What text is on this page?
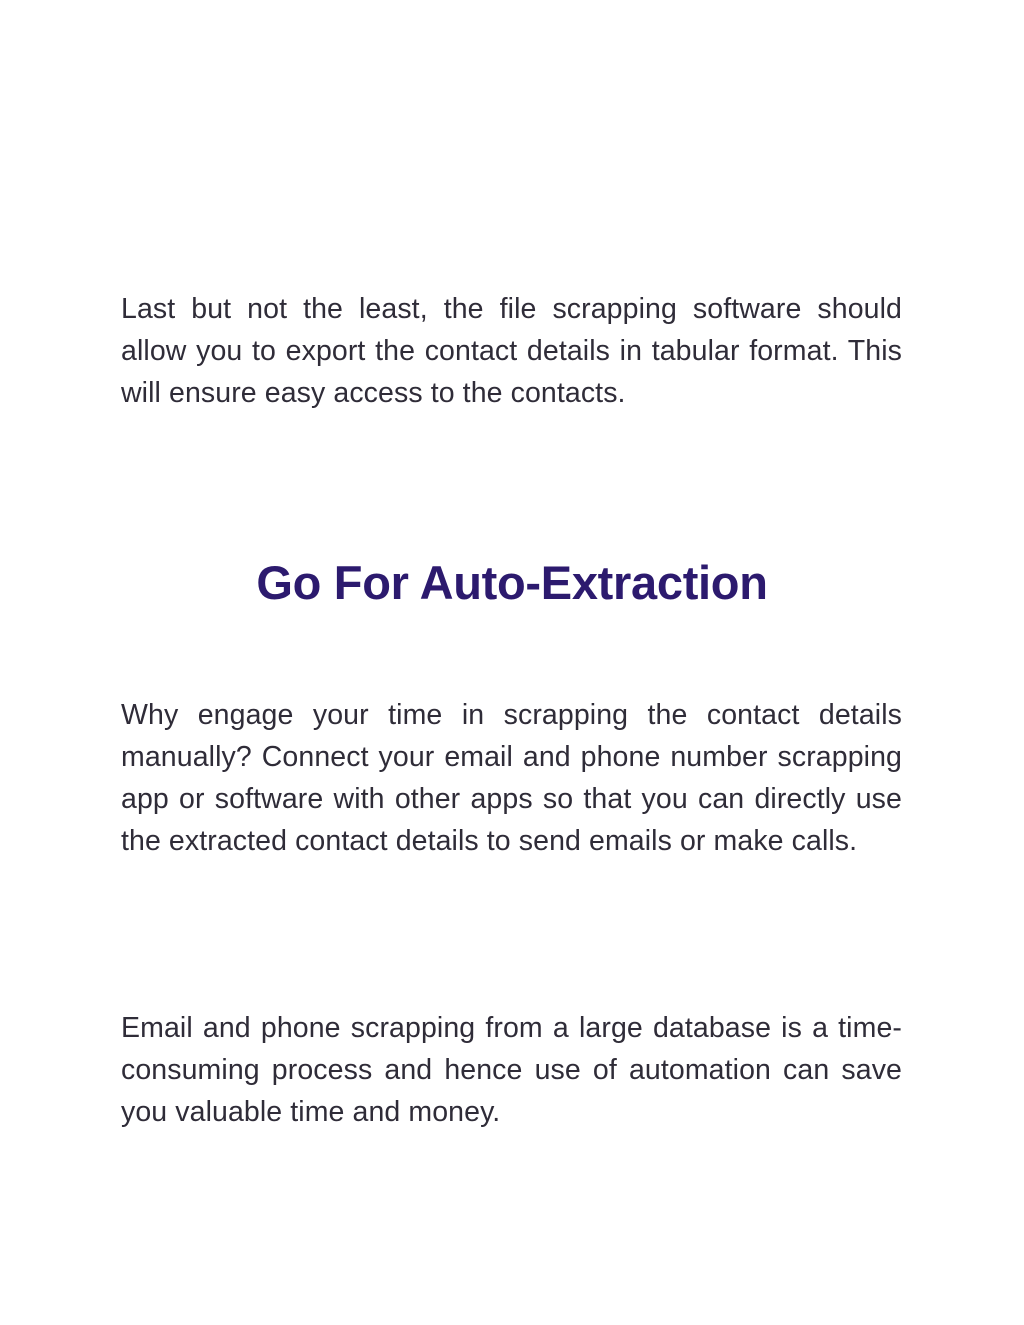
Last but not the least, the file scrapping software should allow you to export the contact details in tabular format. This will ensure easy access to the contacts.

Go For Auto-Extraction

Why engage your time in scrapping the contact details manually? Connect your email and phone number scrapping app or software with other apps so that you can directly use the extracted contact details to send emails or make calls.

Email and phone scrapping from a large database is a time-consuming process and hence use of automation can save you valuable time and money.
